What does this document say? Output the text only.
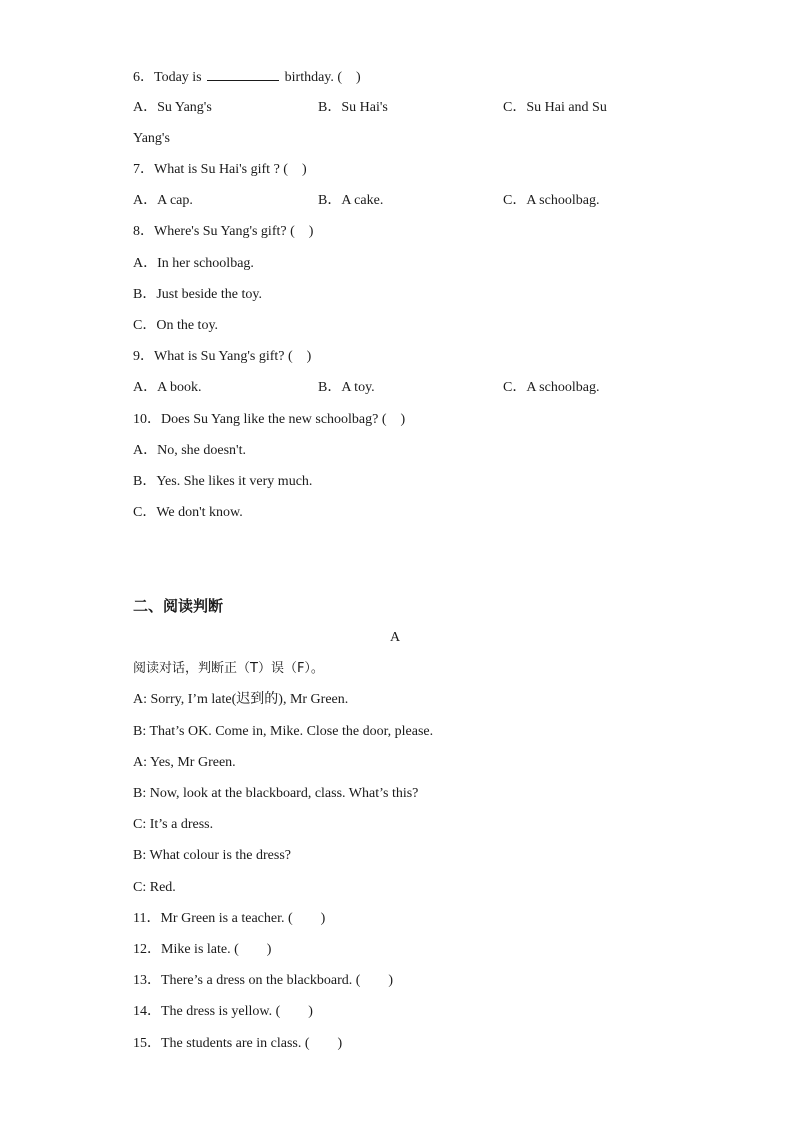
6．Today is	birthday. (　)
A．Su Yang's	B．Su Hai's	C．Su Hai and Su
Yang's
7．What is Su Hai's gift ? (　)
A．A cap.	B．A cake.	C．A schoolbag.
8．Where's Su Yang's gift? (　)
A．In her schoolbag.
B．Just beside the toy.
C．On the toy.
9．What is Su Yang's gift? (　)
A．A book.	B．A toy.	C．A schoolbag.
10．Does Su Yang like the new schoolbag? (　)
A．No, she doesn't.
B．Yes. She likes it very much.
C．We don't know.
二、阅读判断
A
阅读对话，判断正（T）误（F）。
A: Sorry, I’m late(迟到的), Mr Green.
B: That’s OK. Come in, Mike. Close the door, please.
A: Yes, Mr Green.
B: Now, look at the blackboard, class. What’s this?
C: It’s a dress.
B: What colour is the dress?
C: Red.
11．Mr Green is a teacher. (　　)
12．Mike is late. (　　)
13．There’s a dress on the blackboard. (　　)
14．The dress is yellow. (　　)
15．The students are in class. (　　)
